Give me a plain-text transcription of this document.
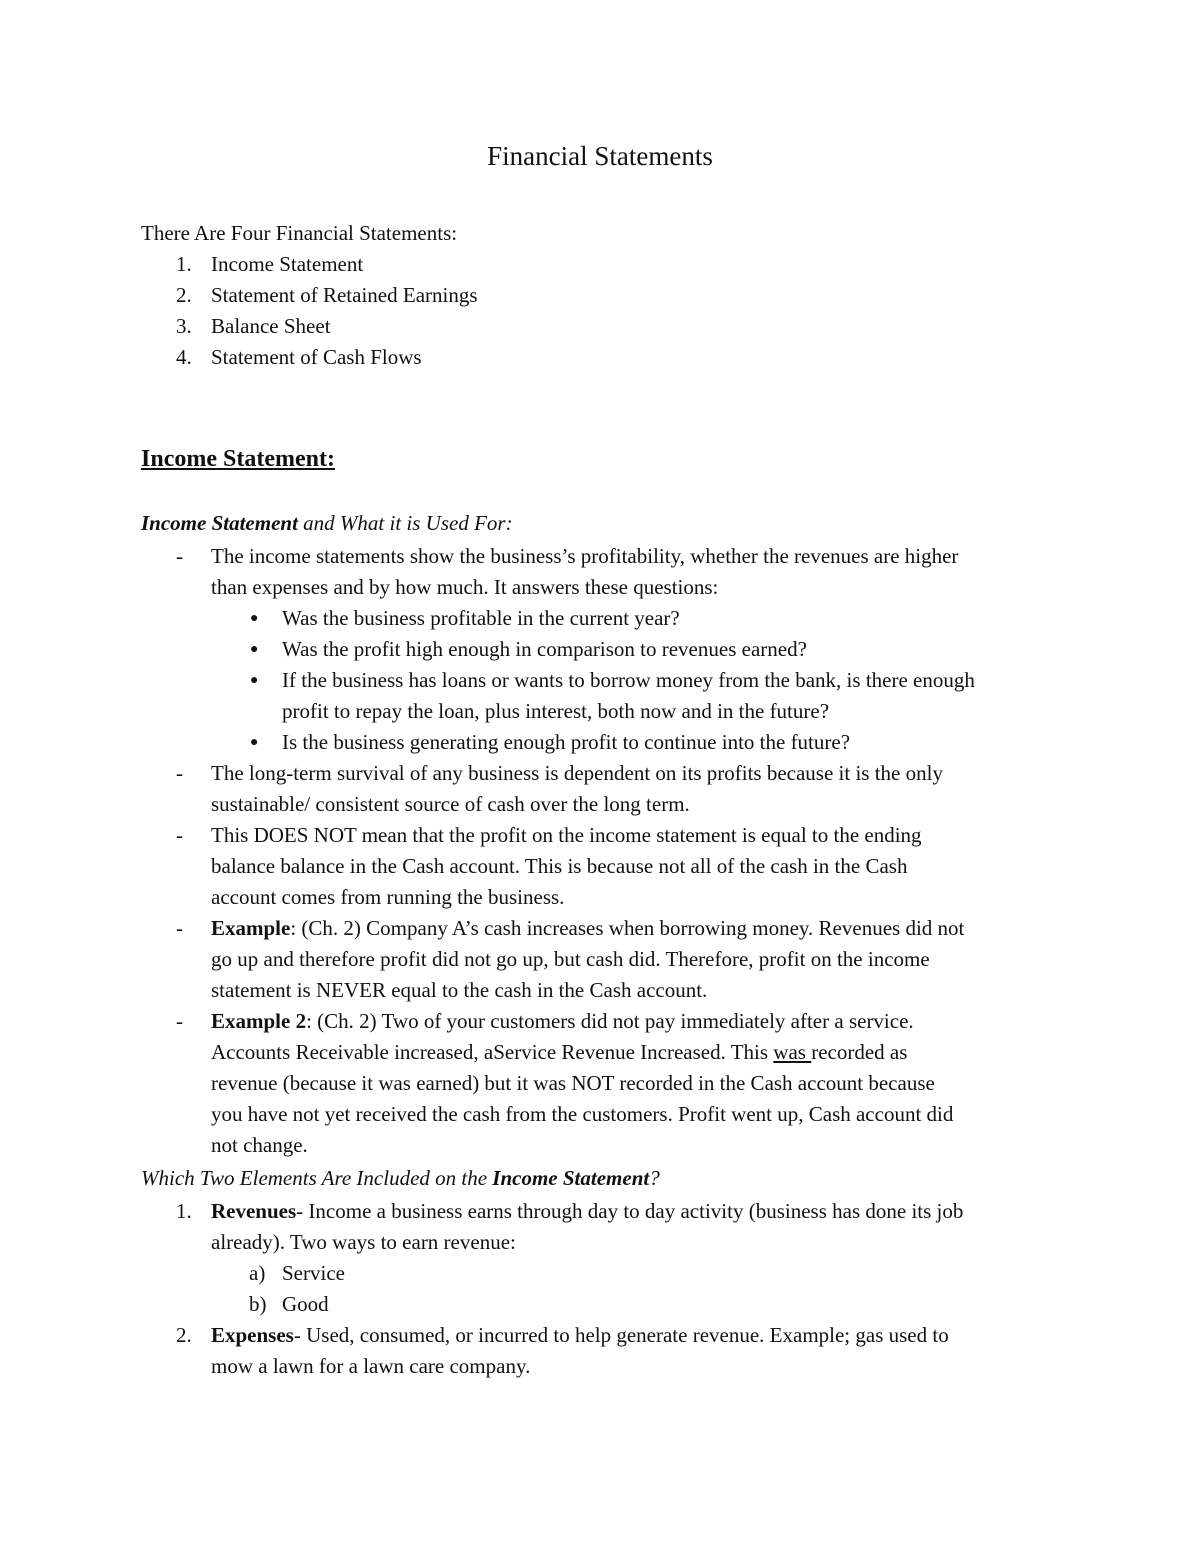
Financial Statements
There Are Four Financial Statements:
1. Income Statement
2. Statement of Retained Earnings
3. Balance Sheet
4. Statement of Cash Flows
Income Statement:
Income Statement and What it is Used For:
- The income statements show the business’s profitability, whether the revenues are higher
than expenses and by how much. It answers these questions:
● Was the business profitable in the current year?
● Was the profit high enough in comparison to revenues earned?
● If the business has loans or wants to borrow money from the bank, is there enough
profit to repay the loan, plus interest, both now and in the future?
● Is the business generating enough profit to continue into the future?
- The long-term survival of any business is dependent on its profits because it is the only
sustainable/ consistent source of cash over the long term.
- This DOES NOT mean that the profit on the income statement is equal to the ending
balance balance in the Cash account. This is because not all of the cash in the Cash
account comes from running the business.
- Example: (Ch. 2) Company A’s cash increases when borrowing money. Revenues did not
go up and therefore profit did not go up, but cash did. Therefore, profit on the income
statement is NEVER equal to the cash in the Cash account.
- Example 2: (Ch. 2) Two of your customers did not pay immediately after a service.
Accounts Receivable increased, aService Revenue Increased. This was recorded as
revenue (because it was earned) but it was NOT recorded in the Cash account because
you have not yet received the cash from the customers. Profit went up, Cash account did
not change.
Which Two Elements Are Included on the Income Statement?
1. Revenues- Income a business earns through day to day activity (business has done its job
already). Two ways to earn revenue:
a) Service
b) Good
2. Expenses- Used, consumed, or incurred to help generate revenue. Example; gas used to
mow a lawn for a lawn care company.
